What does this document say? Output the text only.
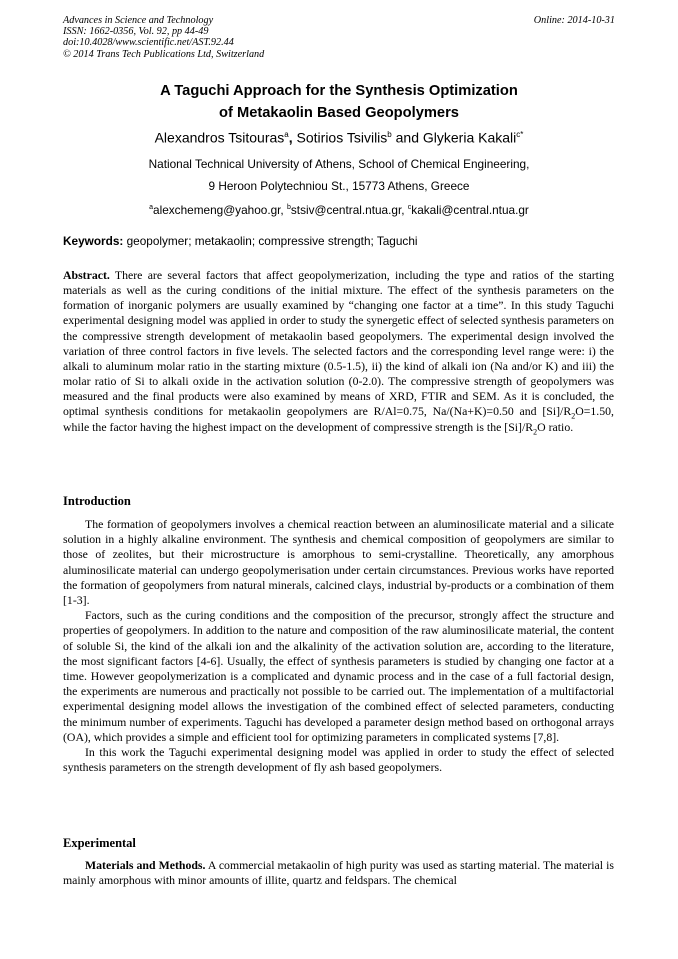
Advances in Science and Technology
ISSN: 1662-0356, Vol. 92, pp 44-49
doi:10.4028/www.scientific.net/AST.92.44
© 2014 Trans Tech Publications Ltd, Switzerland
Online: 2014-10-31
A Taguchi Approach for the Synthesis Optimization
of Metakaolin Based Geopolymers
Alexandros Tsitouras$^a$, Sotirios Tsivilis$^b$ and Glykeria Kakali$^{c*}$
National Technical University of Athens, School of Chemical Engineering,
9 Heroon Polytechniou St., 15773 Athens, Greece
$^a$alexchemeng@yahoo.gr, $^b$stsiv@central.ntua.gr, $^c$kakali@central.ntua.gr
Keywords: geopolymer; metakaolin; compressive strength; Taguchi
Abstract. There are several factors that affect geopolymerization, including the type and ratios of the starting materials as well as the curing conditions of the initial mixture. The effect of the synthesis parameters on the formation of inorganic polymers are usually examined by “changing one factor at a time”. In this study Taguchi experimental designing model was applied in order to study the synergetic effect of selected synthesis parameters on the compressive strength development of metakaolin based geopolymers. The experimental design involved the variation of three control factors in five levels. The selected factors and the corresponding level range were: i) the alkali to aluminum molar ratio in the starting mixture (0.5-1.5), ii) the kind of alkali ion (Na and/or K) and iii) the molar ratio of Si to alkali oxide in the activation solution (0-2.0). The compressive strength of geopolymers was measured and the final products were also examined by means of XRD, FTIR and SEM. As it is concluded, the optimal synthesis conditions for metakaolin geopolymers are R/Al=0.75, Na/(Na+K)=0.50 and $[Si]/R_2O=1.50$, while the factor having the highest impact on the development of compressive strength is the $[Si]/R_2O$ ratio.
Introduction

The formation of geopolymers involves a chemical reaction between an aluminosilicate material and a silicate solution in a highly alkaline environment. The synthesis and chemical composition of geopolymers are similar to those of zeolites, but their microstructure is amorphous to semi-crystalline. Theoretically, any amorphous aluminosilicate material can undergo geopolymerisation under certain circumstances. Previous works have reported the formation of geopolymers from natural minerals, calcined clays, industrial by-products or a combination of them [1-3].

Factors, such as the curing conditions and the composition of the precursor, strongly affect the structure and properties of geopolymers. In addition to the nature and composition of the raw aluminosilicate material, the content of soluble Si, the kind of the alkali ion and the alkalinity of the activation solution are, according to the literature, the most significant factors [4-6]. Usually, the effect of synthesis parameters is studied by changing one factor at a time. However geopolymerization is a complicated and dynamic process and in the case of a full factorial design, the experiments are numerous and practically not possible to be carried out. The implementation of a multifactorial experimental designing model allows the investigation of the combined effect of selected parameters, conducting the minimum number of experiments. Taguchi has developed a parameter design method based on orthogonal arrays (OA), which provides a simple and efficient tool for optimizing parameters in complicated systems [7,8].

In this work the Taguchi experimental designing model was applied in order to study the effect of selected synthesis parameters on the strength development of fly ash based geopolymers.

Experimental

Materials and Methods. A commercial metakaolin of high purity was used as starting material. The material is mainly amorphous with minor amounts of illite, quartz and feldspars. The chemical
